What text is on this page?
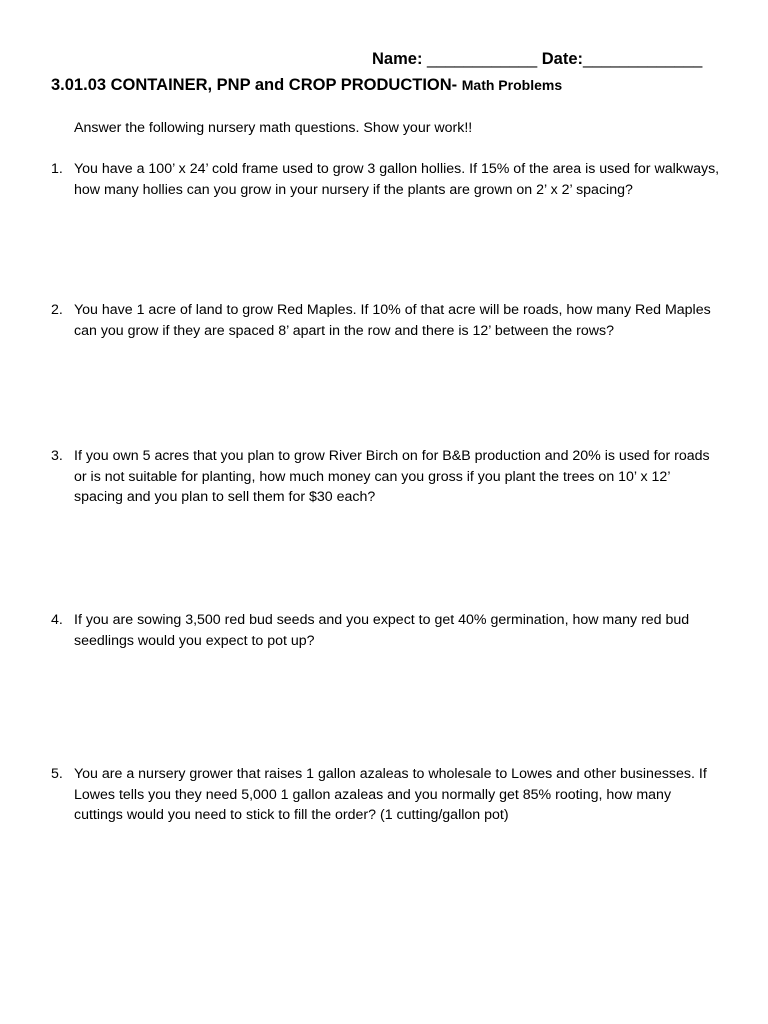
Name: ____________ Date:_____________
3.01.03 CONTAINER, PNP and CROP PRODUCTION- Math Problems
Answer the following nursery math questions. Show your work!!
1. You have a 100’ x 24’ cold frame used to grow 3 gallon hollies. If 15% of the area is used for walkways, how many hollies can you grow in your nursery if the plants are grown on 2’ x 2’ spacing?
2. You have 1 acre of land to grow Red Maples. If 10% of that acre will be roads, how many Red Maples can you grow if they are spaced 8’ apart in the row and there is 12’ between the rows?
3. If you own 5 acres that you plan to grow River Birch on for B&B production and 20% is used for roads or is not suitable for planting, how much money can you gross if you plant the trees on 10’ x 12’ spacing and you plan to sell them for $30 each?
4. If you are sowing 3,500 red bud seeds and you expect to get 40% germination, how many red bud seedlings would you expect to pot up?
5. You are a nursery grower that raises 1 gallon azaleas to wholesale to Lowes and other businesses. If Lowes tells you they need 5,000 1 gallon azaleas and you normally get 85% rooting, how many cuttings would you need to stick to fill the order? (1 cutting/gallon pot)
